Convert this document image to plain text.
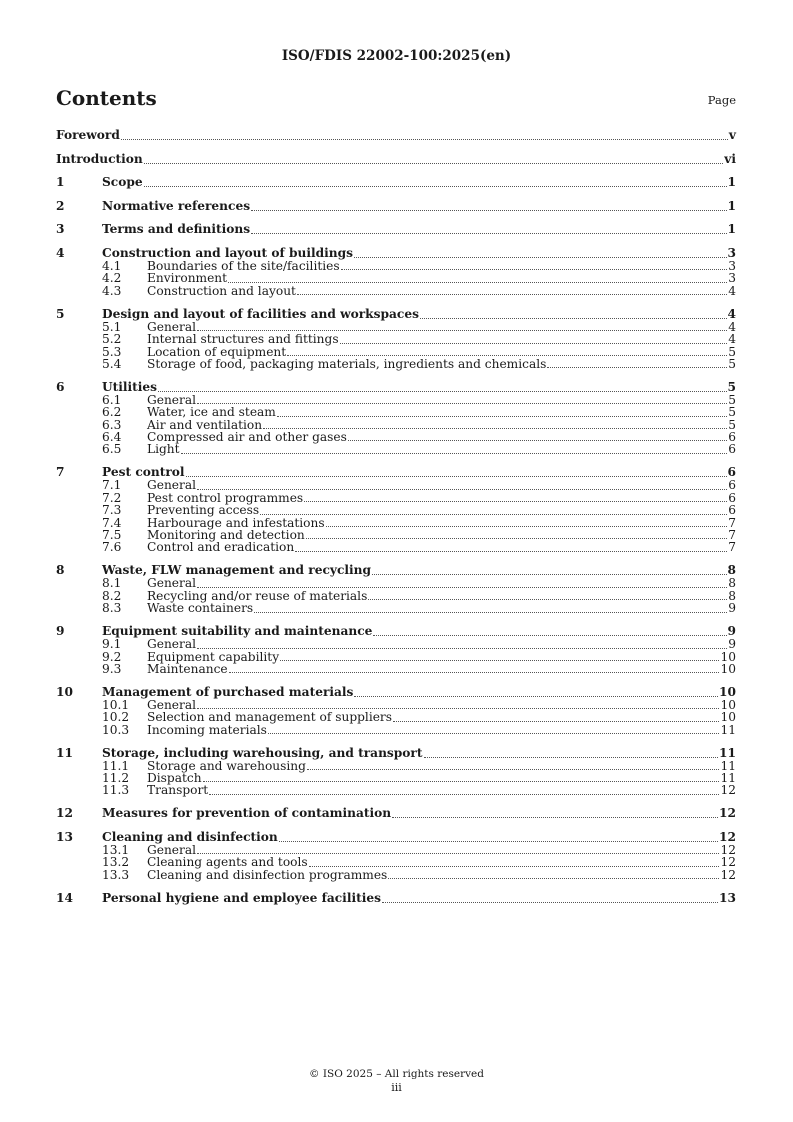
ISO/FDIS 22002-100:2025(en)
Contents	Page
Foreword	v
Introduction	vi
1	Scope	1
2	Normative references	1
3	Terms and definitions	1
4	Construction and layout of buildings	3
4.1	Boundaries of the site/facilities	3
4.2	Environment	3
4.3	Construction and layout	4
5	Design and layout of facilities and workspaces	4
5.1	General	4
5.2	Internal structures and fittings	4
5.3	Location of equipment	5
5.4	Storage of food, packaging materials, ingredients and chemicals	5
6	Utilities	5
6.1	General	5
6.2	Water, ice and steam	5
6.3	Air and ventilation	5
6.4	Compressed air and other gases	6
6.5	Light	6
7	Pest control	6
7.1	General	6
7.2	Pest control programmes	6
7.3	Preventing access	6
7.4	Harbourage and infestations	7
7.5	Monitoring and detection	7
7.6	Control and eradication	7
8	Waste, FLW management and recycling	8
8.1	General	8
8.2	Recycling and/or reuse of materials	8
8.3	Waste containers	9
9	Equipment suitability and maintenance	9
9.1	General	9
9.2	Equipment capability	10
9.3	Maintenance	10
10	Management of purchased materials	10
10.1	General	10
10.2	Selection and management of suppliers	10
10.3	Incoming materials	11
11	Storage, including warehousing, and transport	11
11.1	Storage and warehousing	11
11.2	Dispatch	11
11.3	Transport	12
12	Measures for prevention of contamination	12
13	Cleaning and disinfection	12
13.1	General	12
13.2	Cleaning agents and tools	12
13.3	Cleaning and disinfection programmes	12
14	Personal hygiene and employee facilities	13
© ISO 2025 – All rights reserved
iii
